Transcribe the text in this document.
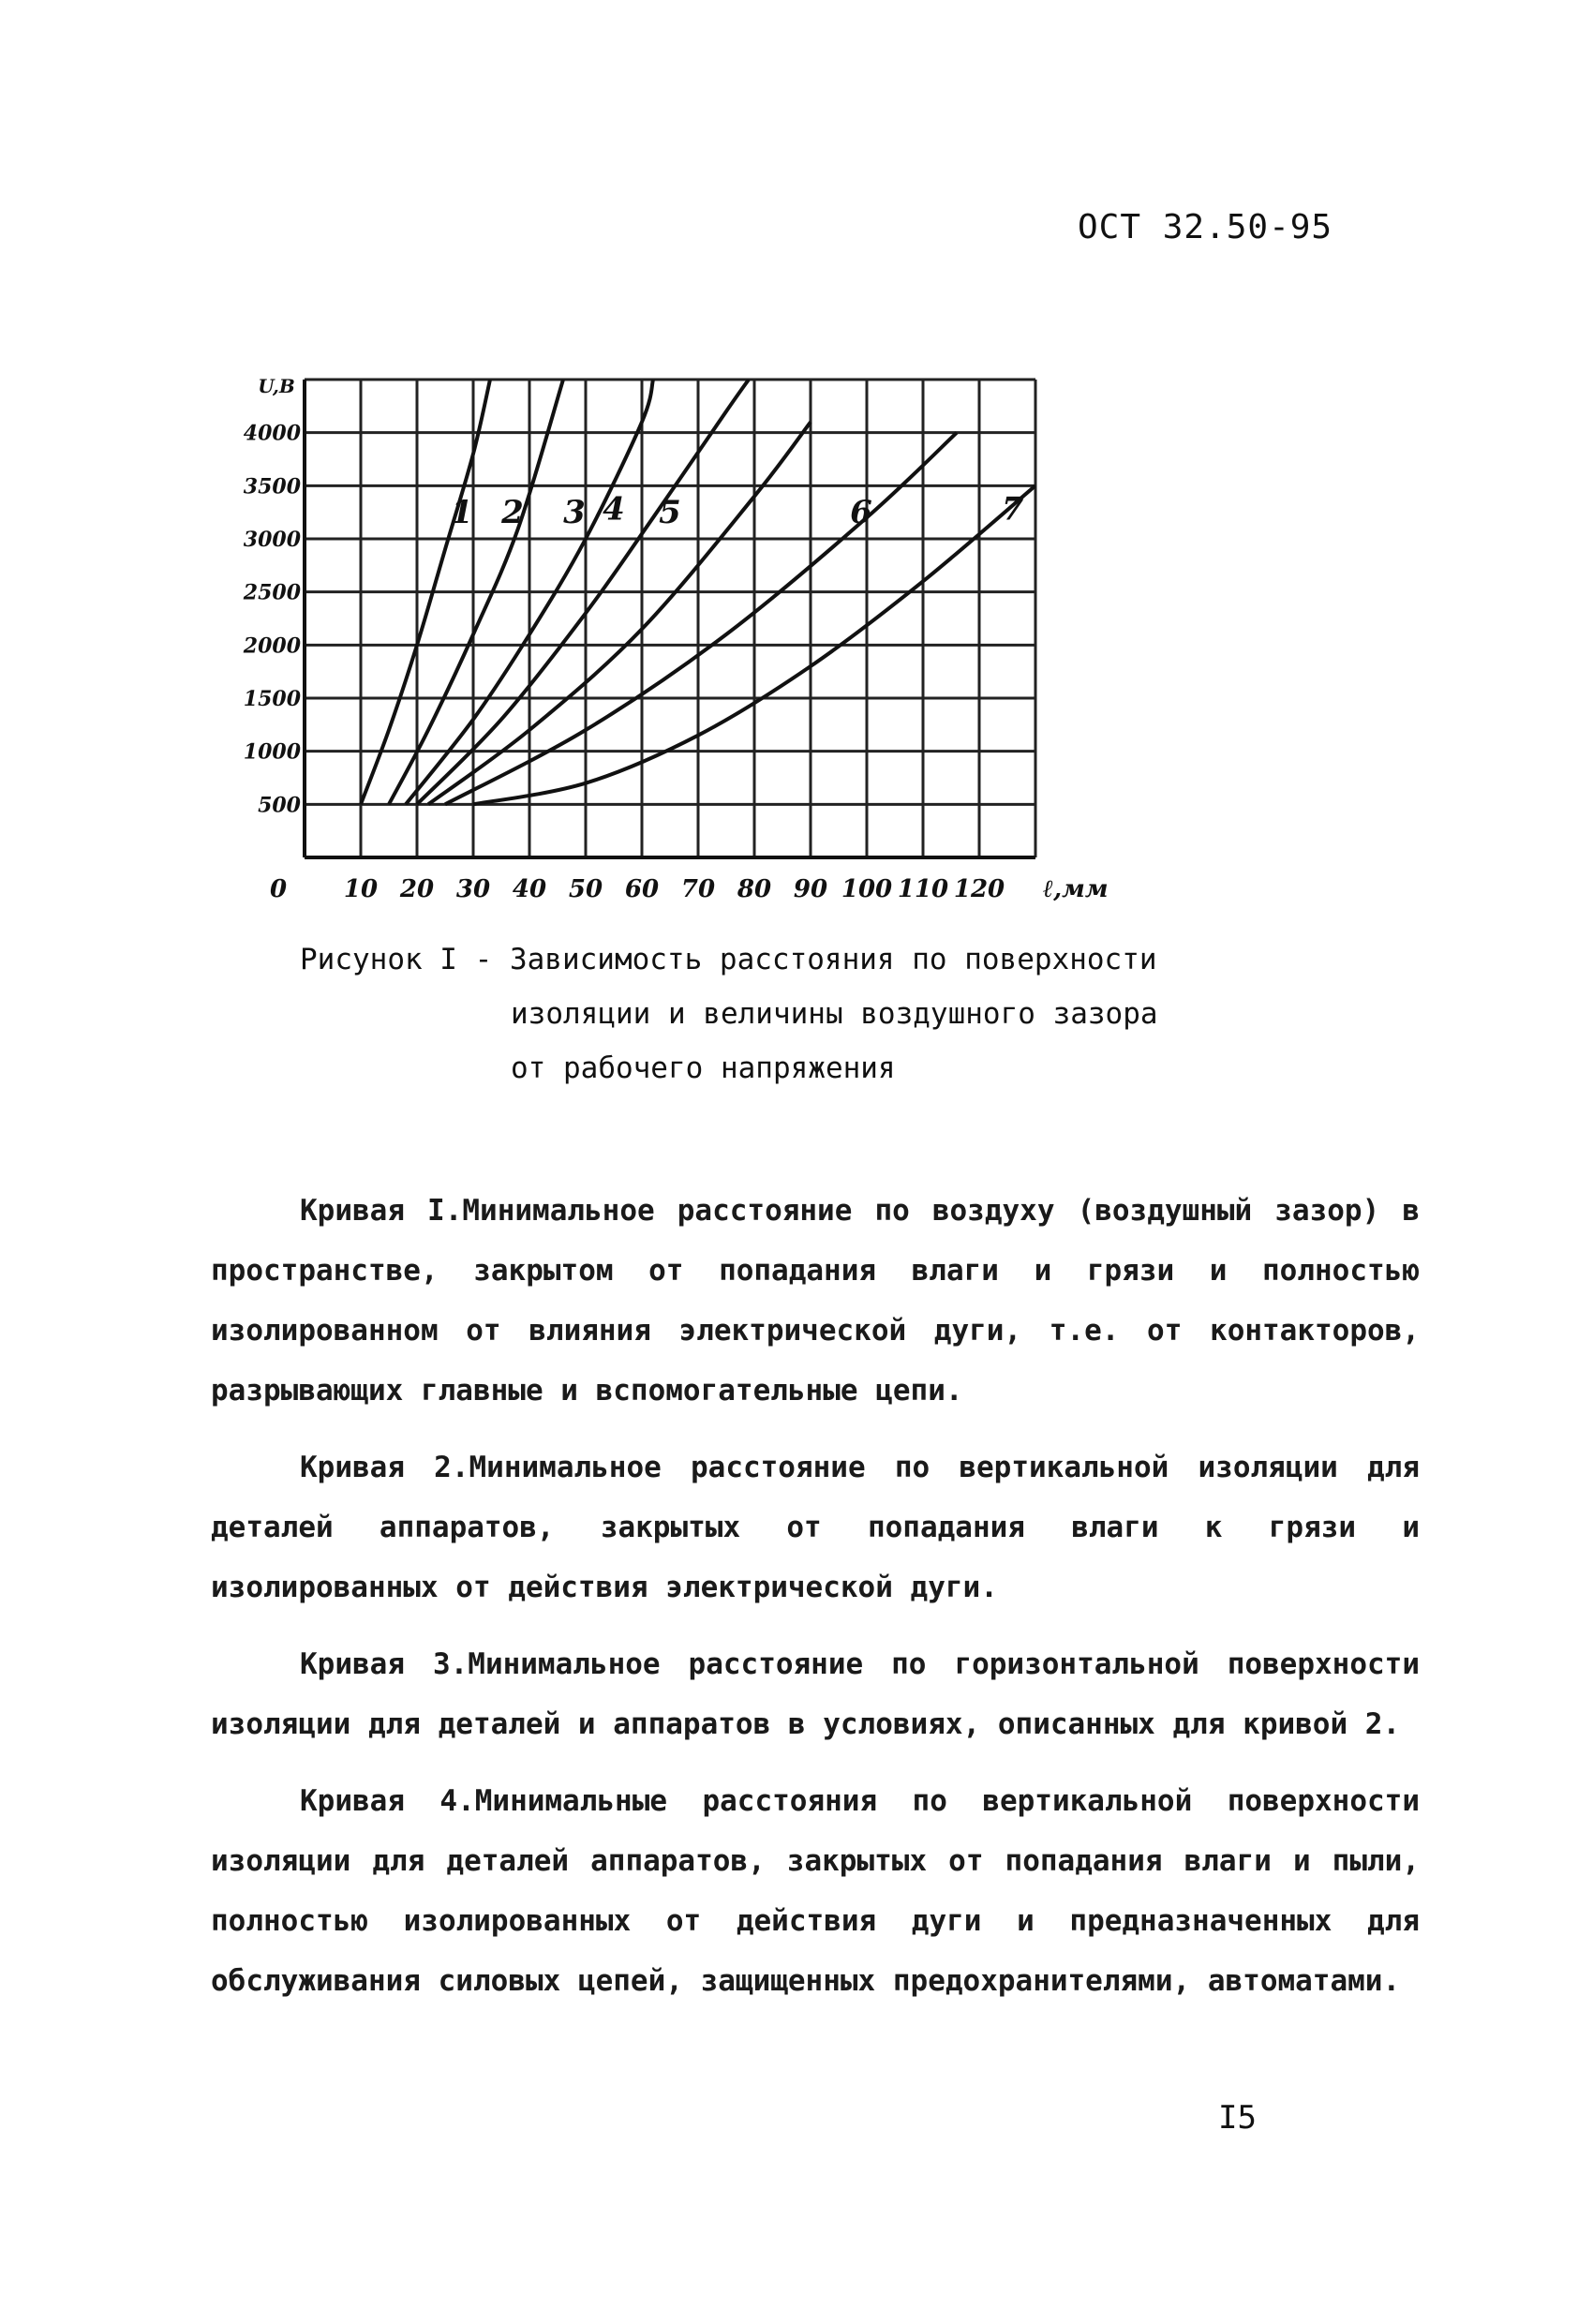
ОСТ 32.50-95
500
1000
1500
2000
2500
3000
3500
4000
0 10 20 30 40 50 60 70 80 90 100 110 120
U,В
ℓ,мм
1 2 3 4 5	6	7
Рисунок I - Зависимость расстояния по поверхности
изоляции и величины воздушного зазора
от рабочего напряжения

Кривая I.Минимальное расстояние по воздуху (воздушный зазор) в пространстве, закрытом от попадания влаги и грязи и полностью изолированном от влияния электрической дуги, т.е. от контакторов, разрывающих главные и вспомогательные цепи.

Кривая 2.Минимальное расстояние по вертикальной изоляции для деталей аппаратов, закрытых от попадания влаги к грязи и изолированных от действия электрической дуги.

Кривая 3.Минимальное расстояние по горизонтальной поверхности изоляции для деталей и аппаратов в условиях, описанных для кривой 2.

Кривая 4.Минимальные расстояния по вертикальной поверхности изоляции для деталей аппаратов, закрытых от попадания влаги и пыли, полностью изолированных от действия дуги и предназначенных для обслуживания силовых цепей, защищенных предохранителями, автоматами.

I5
